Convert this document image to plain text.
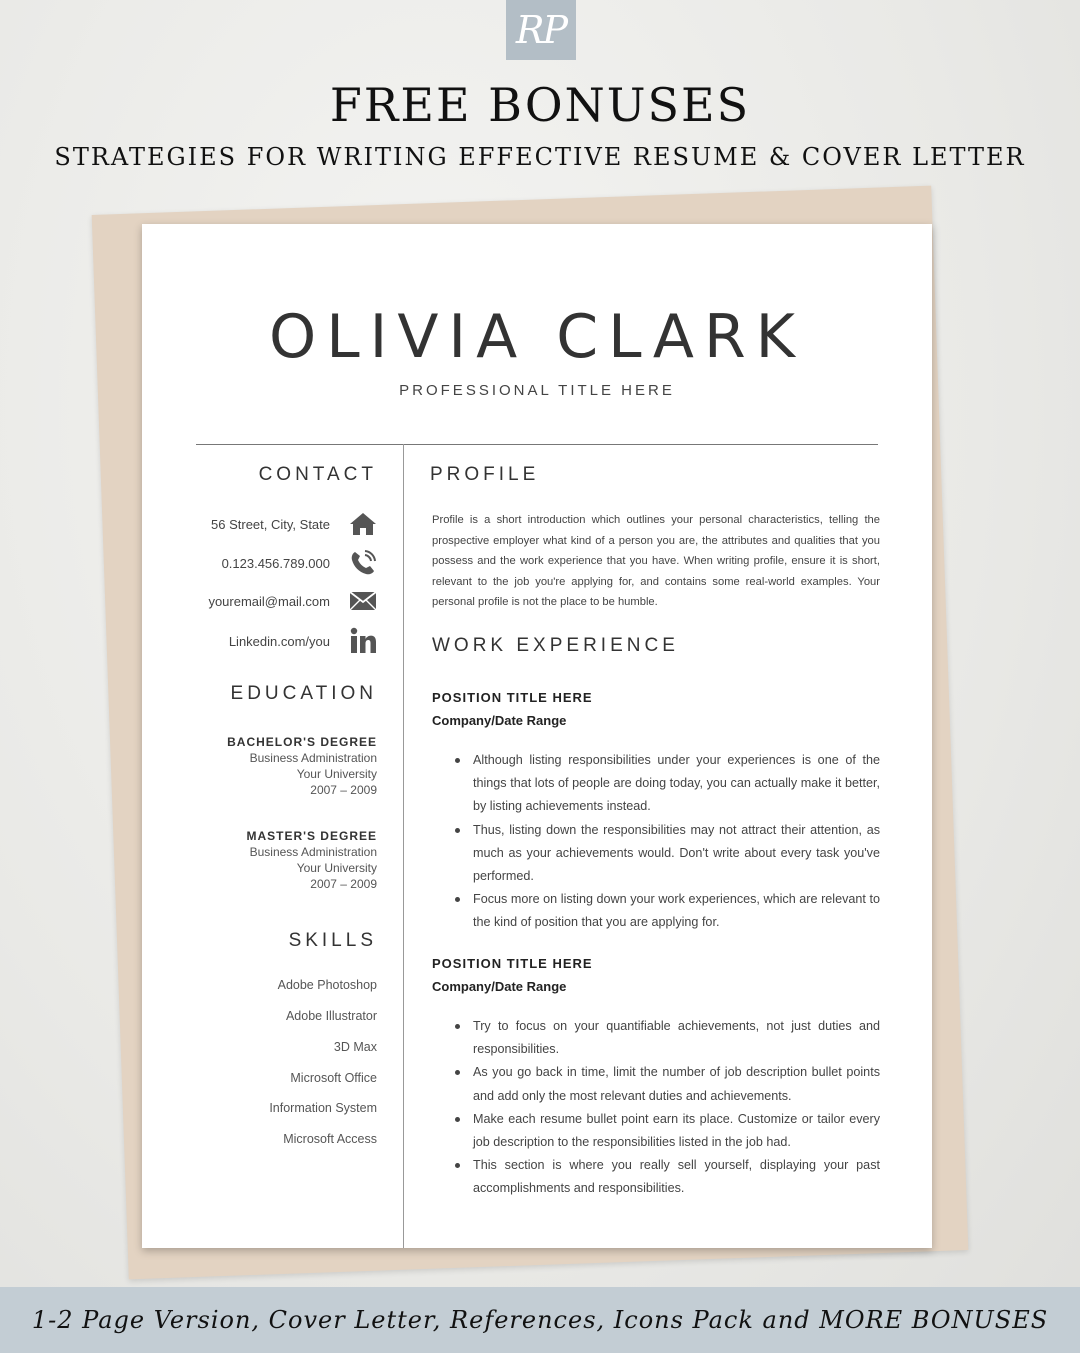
RP
FREE BONUSES
STRATEGIES FOR WRITING EFFECTIVE RESUME & COVER LETTER
OLIVIA CLARK
PROFESSIONAL TITLE HERE
CONTACT
56 Street, City, State
0.123.456.789.000
youremail@mail.com
Linkedin.com/you
EDUCATION
BACHELOR'S DEGREE
Business Administration
Your University
2007 – 2009
MASTER'S DEGREE
Business Administration
Your University
2007 – 2009
SKILLS
Adobe Photoshop
Adobe Illustrator
3D Max
Microsoft Office
Information System
Microsoft Access
PROFILE
Profile is a short introduction which outlines your personal characteristics, telling the prospective employer what kind of a person you are, the attributes and qualities that you possess and the work experience that you have. When writing profile, ensure it is short, relevant to the job you're applying for, and contains some real-world examples. Your personal profile is not the place to be humble.
WORK EXPERIENCE
POSITION TITLE HERE
Company/Date Range
Although listing responsibilities under your experiences is one of the things that lots of people are doing today, you can actually make it better, by listing achievements instead.
Thus, listing down the responsibilities may not attract their attention, as much as your achievements would. Don't write about every task you've performed.
Focus more on listing down your work experiences, which are relevant to the kind of position that you are applying for.
POSITION TITLE HERE
Company/Date Range
Try to focus on your quantifiable achievements, not just duties and responsibilities.
As you go back in time, limit the number of job description bullet points and add only the most relevant duties and achievements.
Make each resume bullet point earn its place. Customize or tailor every job description to the responsibilities listed in the job had.
This section is where you really sell yourself, displaying your past accomplishments and responsibilities.
1-2 Page Version, Cover Letter, References, Icons Pack and MORE BONUSES
